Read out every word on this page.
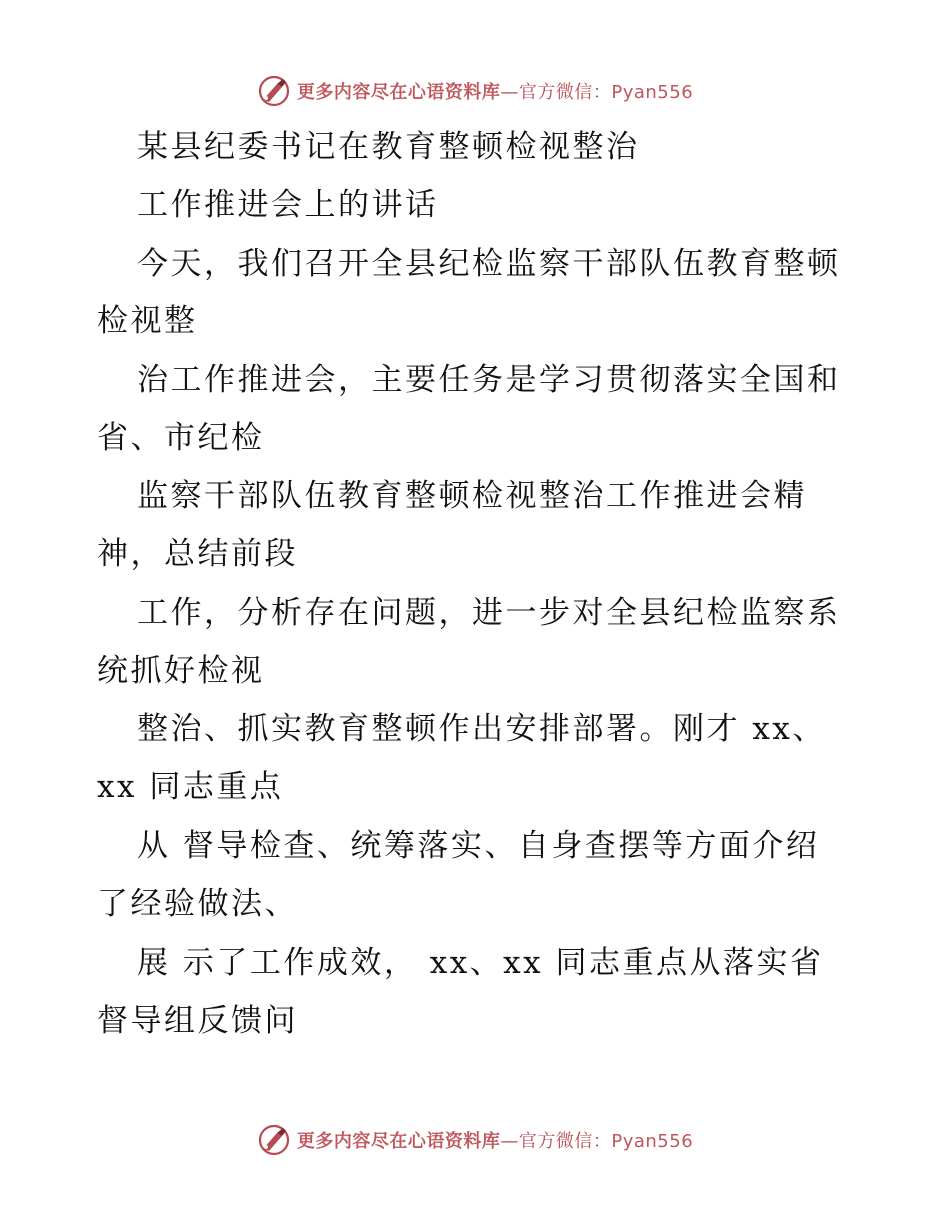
更多内容尽在心语资料库—官方微信：Pyan556
某县纪委书记在教育整顿检视整治
工作推进会上的讲话
今天，我们召开全县纪检监察干部队伍教育整顿
检视整
治工作推进会，主要任务是学习贯彻落实全国和
省、市纪检
监察干部队伍教育整顿检视整治工作推进会精
神，总结前段
工作，分析存在问题，进一步对全县纪检监察系
统抓好检视
整治、抓实教育整顿作出安排部署。刚才 xx、
xx 同志重点
从 督导检查、统筹落实、自身查摆等方面介绍
了经验做法、
展 示了工作成效， xx、xx 同志重点从落实省
督导组反馈问
更多内容尽在心语资料库—官方微信：Pyan556
